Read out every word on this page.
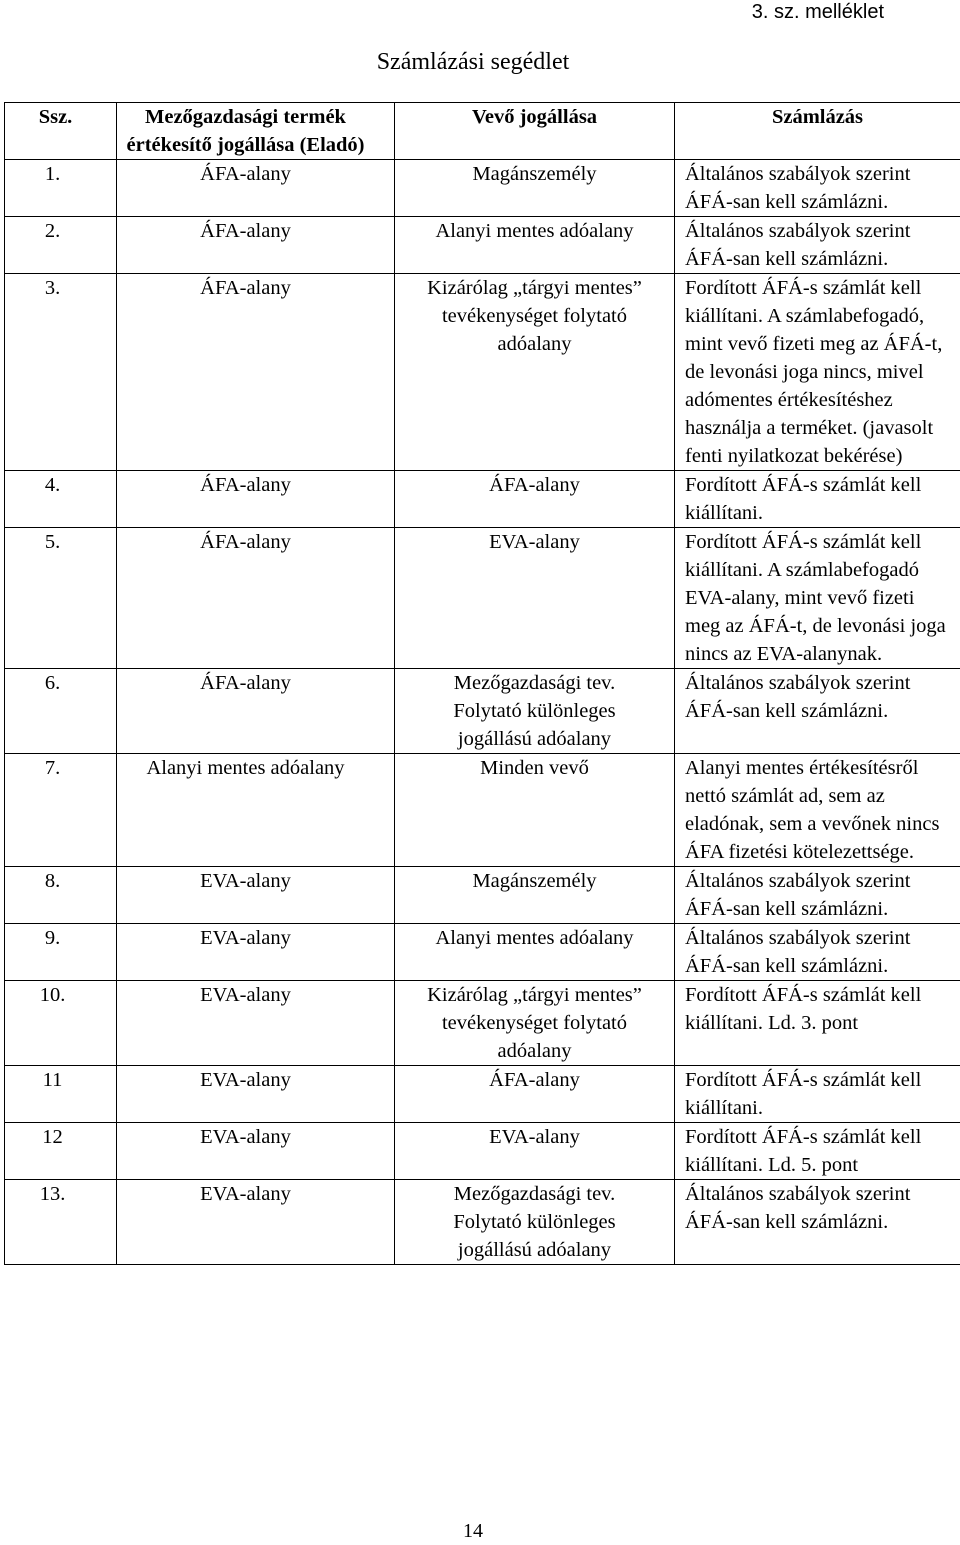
3. sz. melléklet
Számlázási segédlet
Ssz.	Mezőgazdasági termék értékesítő jogállása (Eladó)	Vevő jogállása	Számlázás
1.	ÁFA-alany	Magánszemély	Általános szabályok szerint ÁFÁ-san kell számlázni.
2.	ÁFA-alany	Alanyi mentes adóalany	Általános szabályok szerint ÁFÁ-san kell számlázni.
3.	ÁFA-alany	Kizárólag „tárgyi mentes” tevékenységet folytató adóalany	Fordított ÁFÁ-s számlát kell kiállítani. A számlabefogadó, mint vevő fizeti meg az ÁFÁ-t, de levonási joga nincs, mivel adómentes értékesítéshez használja a terméket. (javasolt fenti nyilatkozat bekérése)
4.	ÁFA-alany	ÁFA-alany	Fordított ÁFÁ-s számlát kell kiállítani.
5.	ÁFA-alany	EVA-alany	Fordított ÁFÁ-s számlát kell kiállítani. A számlabefogadó EVA-alany, mint vevő fizeti meg az ÁFÁ-t, de levonási joga nincs az EVA-alanynak.
6.	ÁFA-alany	Mezőgazdasági tev. Folytató különleges jogállású adóalany	Általános szabályok szerint ÁFÁ-san kell számlázni.
7.	Alanyi mentes adóalany	Minden vevő	Alanyi mentes értékesítésről nettó számlát ad, sem az eladónak, sem a vevőnek nincs ÁFA fizetési kötelezettsége.
8.	EVA-alany	Magánszemély	Általános szabályok szerint ÁFÁ-san kell számlázni.
9.	EVA-alany	Alanyi mentes adóalany	Általános szabályok szerint ÁFÁ-san kell számlázni.
10.	EVA-alany	Kizárólag „tárgyi mentes” tevékenységet folytató adóalany	Fordított ÁFÁ-s számlát kell kiállítani. Ld. 3. pont
11	EVA-alany	ÁFA-alany	Fordított ÁFÁ-s számlát kell kiállítani.
12	EVA-alany	EVA-alany	Fordított ÁFÁ-s számlát kell kiállítani. Ld. 5. pont
13.	EVA-alany	Mezőgazdasági tev. Folytató különleges jogállású adóalany	Általános szabályok szerint ÁFÁ-san kell számlázni.
14
